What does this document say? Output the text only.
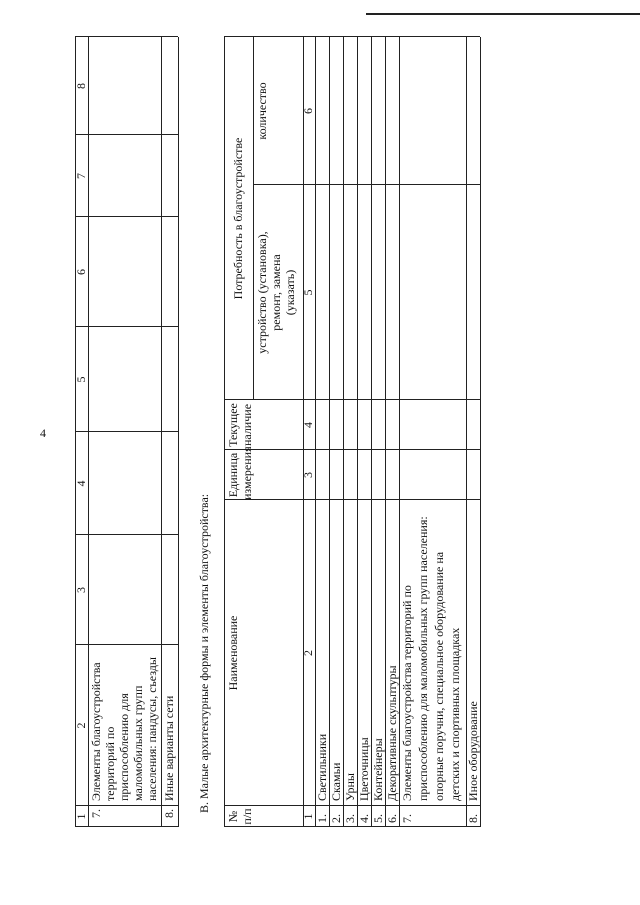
4
1
2
3
4
5
6
7
8
7.
Элементы благоустройства территорий по приспособлению для маломобильных групп населения: пандусы, съезды
8.
Иные варианты сети В. Малые архитектурные формы и элементы благоустройства:
№ п/п
Наименование
Единица измерения
Текущее наличие
Потребность в благоустройстве устройство (установка), ремонт, замена (указать)
количество
1
2
3
4
5
6
1.
Светильники
2.
Скамьи
3.
Урны
4.
Цветочницы
5.
Контейнеры
6.
Декоративные скульптуры
7.
Элементы благоустройства территорий по приспособлению для маломобильных групп населения: опорные поручни, специальное оборудование на детских и спортивных площадках
8.
Иное оборудование
